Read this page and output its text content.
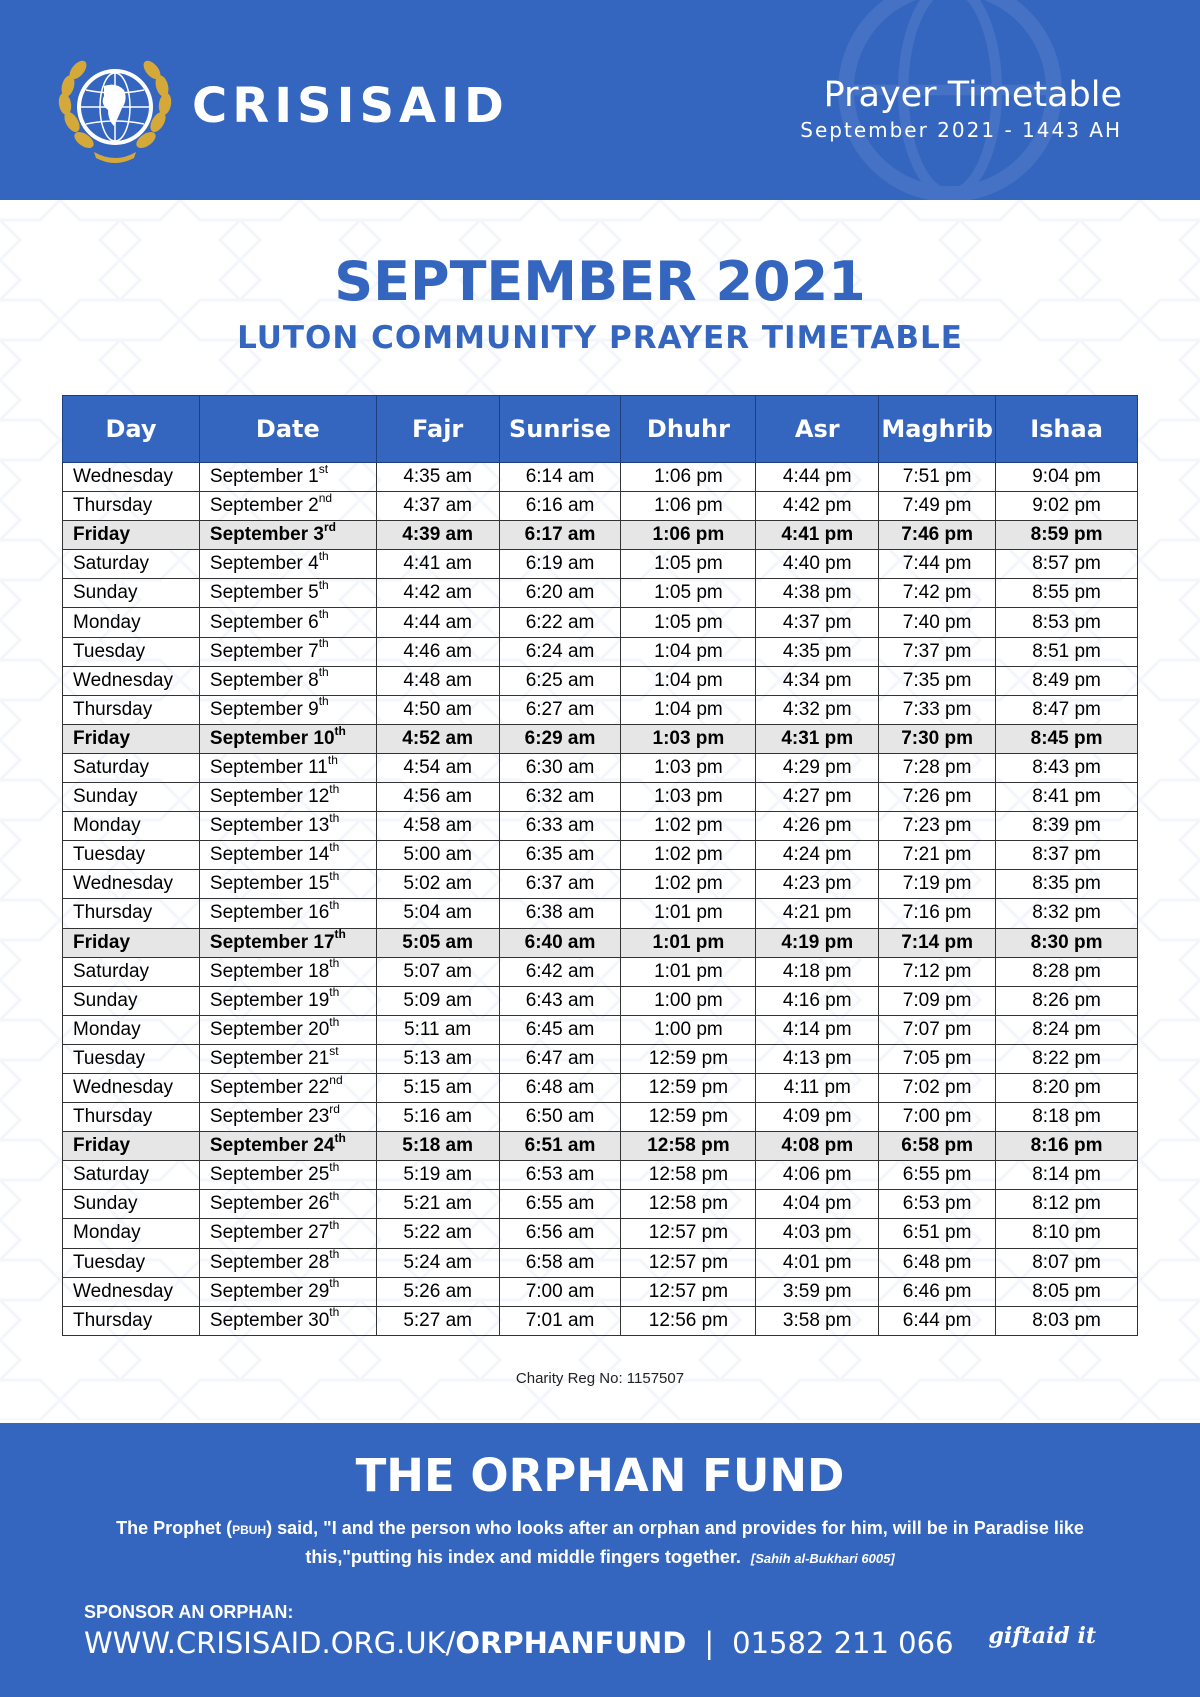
CRISISAID	Prayer Timetable
September 2021 - 1443 AH
SEPTEMBER 2021
LUTON COMMUNITY PRAYER TIMETABLE
Day	Date	Fajr	Sunrise	Dhuhr	Asr	Maghrib	Ishaa
Wednesday	September 1st	4:35 am	6:14 am	1:06 pm	4:44 pm	7:51 pm	9:04 pm
Thursday	September 2nd	4:37 am	6:16 am	1:06 pm	4:42 pm	7:49 pm	9:02 pm
Friday	September 3rd	4:39 am	6:17 am	1:06 pm	4:41 pm	7:46 pm	8:59 pm
Saturday	September 4th	4:41 am	6:19 am	1:05 pm	4:40 pm	7:44 pm	8:57 pm
Sunday	September 5th	4:42 am	6:20 am	1:05 pm	4:38 pm	7:42 pm	8:55 pm
Monday	September 6th	4:44 am	6:22 am	1:05 pm	4:37 pm	7:40 pm	8:53 pm
Tuesday	September 7th	4:46 am	6:24 am	1:04 pm	4:35 pm	7:37 pm	8:51 pm
Wednesday	September 8th	4:48 am	6:25 am	1:04 pm	4:34 pm	7:35 pm	8:49 pm
Thursday	September 9th	4:50 am	6:27 am	1:04 pm	4:32 pm	7:33 pm	8:47 pm
Friday	September 10th	4:52 am	6:29 am	1:03 pm	4:31 pm	7:30 pm	8:45 pm
Saturday	September 11th	4:54 am	6:30 am	1:03 pm	4:29 pm	7:28 pm	8:43 pm
Sunday	September 12th	4:56 am	6:32 am	1:03 pm	4:27 pm	7:26 pm	8:41 pm
Monday	September 13th	4:58 am	6:33 am	1:02 pm	4:26 pm	7:23 pm	8:39 pm
Tuesday	September 14th	5:00 am	6:35 am	1:02 pm	4:24 pm	7:21 pm	8:37 pm
Wednesday	September 15th	5:02 am	6:37 am	1:02 pm	4:23 pm	7:19 pm	8:35 pm
Thursday	September 16th	5:04 am	6:38 am	1:01 pm	4:21 pm	7:16 pm	8:32 pm
Friday	September 17th	5:05 am	6:40 am	1:01 pm	4:19 pm	7:14 pm	8:30 pm
Saturday	September 18th	5:07 am	6:42 am	1:01 pm	4:18 pm	7:12 pm	8:28 pm
Sunday	September 19th	5:09 am	6:43 am	1:00 pm	4:16 pm	7:09 pm	8:26 pm
Monday	September 20th	5:11 am	6:45 am	1:00 pm	4:14 pm	7:07 pm	8:24 pm
Tuesday	September 21st	5:13 am	6:47 am	12:59 pm	4:13 pm	7:05 pm	8:22 pm
Wednesday	September 22nd	5:15 am	6:48 am	12:59 pm	4:11 pm	7:02 pm	8:20 pm
Thursday	September 23rd	5:16 am	6:50 am	12:59 pm	4:09 pm	7:00 pm	8:18 pm
Friday	September 24th	5:18 am	6:51 am	12:58 pm	4:08 pm	6:58 pm	8:16 pm
Saturday	September 25th	5:19 am	6:53 am	12:58 pm	4:06 pm	6:55 pm	8:14 pm
Sunday	September 26th	5:21 am	6:55 am	12:58 pm	4:04 pm	6:53 pm	8:12 pm
Monday	September 27th	5:22 am	6:56 am	12:57 pm	4:03 pm	6:51 pm	8:10 pm
Tuesday	September 28th	5:24 am	6:58 am	12:57 pm	4:01 pm	6:48 pm	8:07 pm
Wednesday	September 29th	5:26 am	7:00 am	12:57 pm	3:59 pm	6:46 pm	8:05 pm
Thursday	September 30th	5:27 am	7:01 am	12:56 pm	3:58 pm	6:44 pm	8:03 pm
Charity Reg No: 1157507
THE ORPHAN FUND
The Prophet (PBUH) said, "I and the person who looks after an orphan and provides for him, will be in Paradise like this,"putting his index and middle fingers together. [Sahih al-Bukhari 6005]
SPONSOR AN ORPHAN:
WWW.CRISISAID.ORG.UK/ORPHANFUND | 01582 211 066 giftaid it
